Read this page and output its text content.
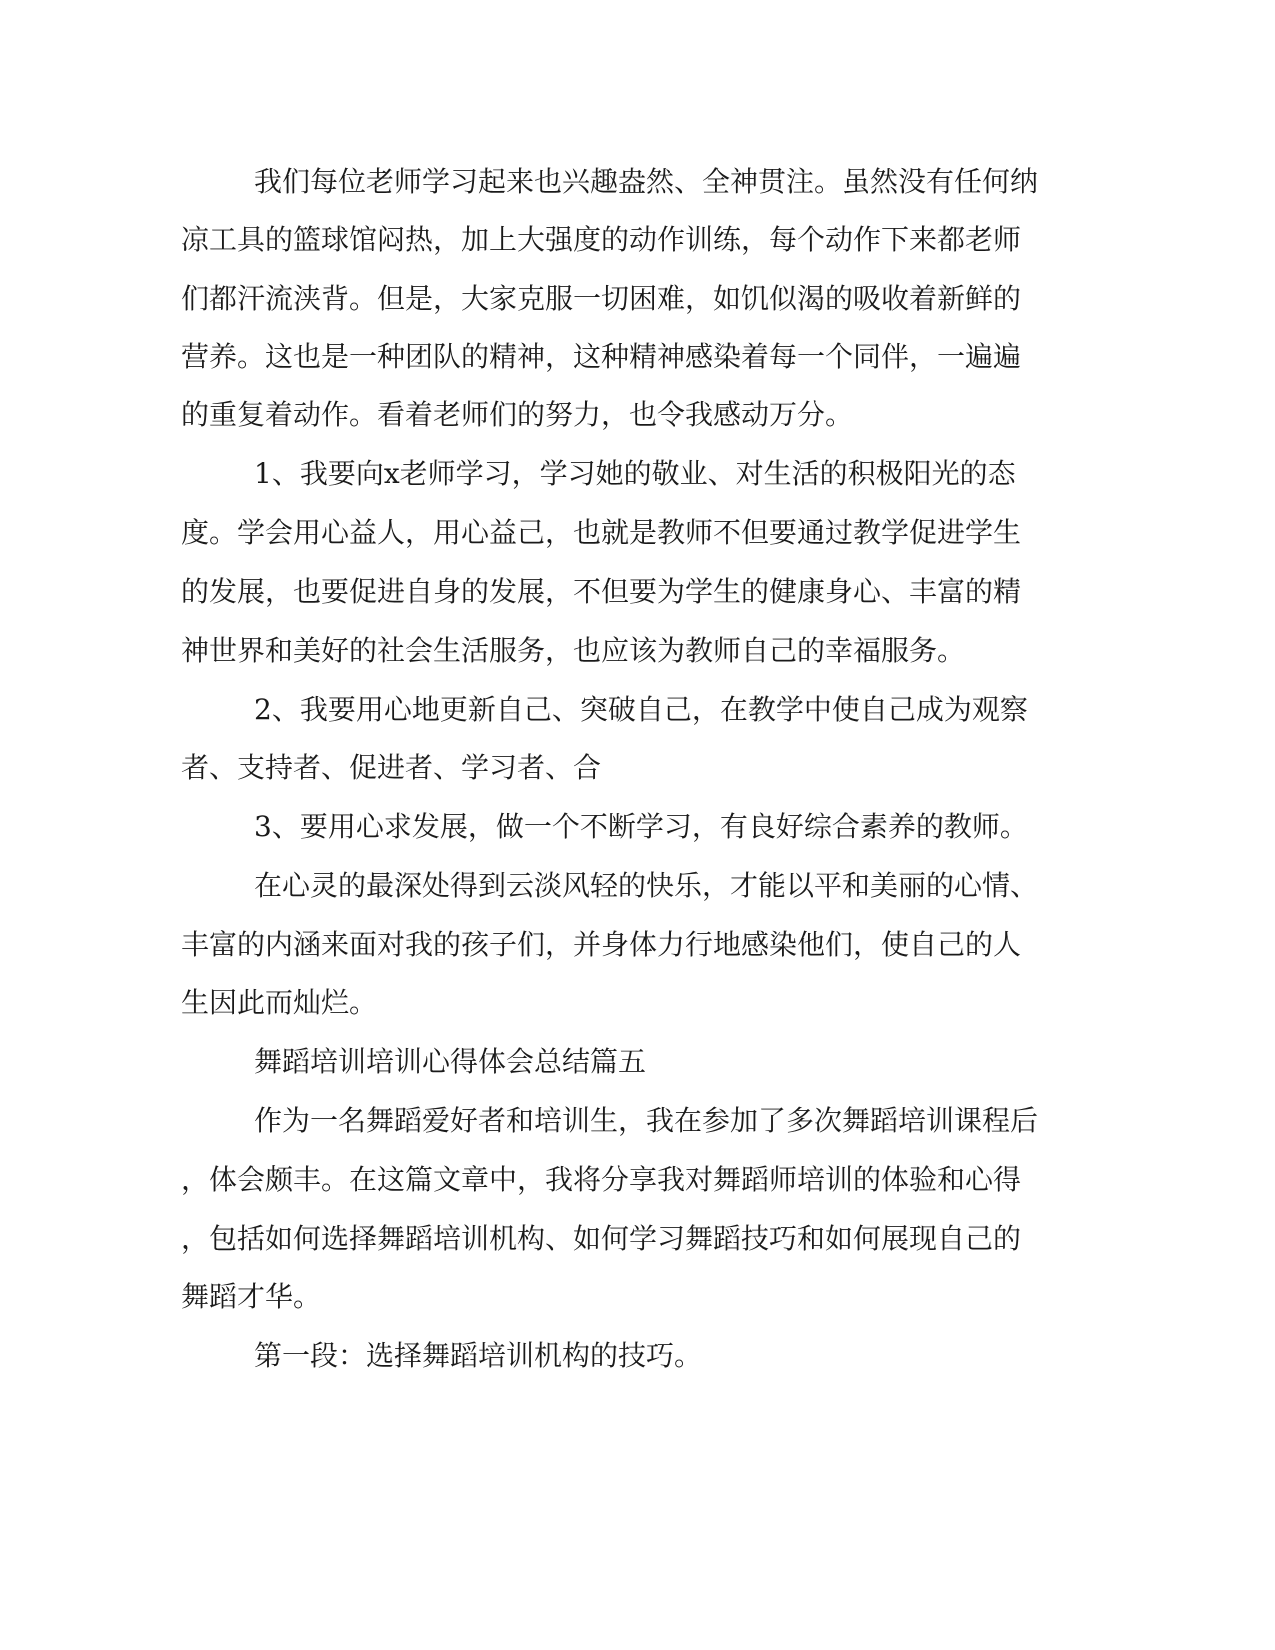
我们每位老师学习起来也兴趣盎然、全神贯注。虽然没有任何纳
凉工具的篮球馆闷热，加上大强度的动作训练，每个动作下来都老师
们都汗流浃背。但是，大家克服一切困难，如饥似渴的吸收着新鲜的
营养。这也是一种团队的精神，这种精神感染着每一个同伴，一遍遍
的重复着动作。看着老师们的努力，也令我感动万分。
1、我要向x老师学习，学习她的敬业、对生活的积极阳光的态
度。学会用心益人，用心益己，也就是教师不但要通过教学促进学生
的发展，也要促进自身的发展，不但要为学生的健康身心、丰富的精
神世界和美好的社会生活服务，也应该为教师自己的幸福服务。
2、我要用心地更新自己、突破自己，在教学中使自己成为观察
者、支持者、促进者、学习者、合
3、要用心求发展，做一个不断学习，有良好综合素养的教师。
在心灵的最深处得到云淡风轻的快乐，才能以平和美丽的心情、
丰富的内涵来面对我的孩子们，并身体力行地感染他们，使自己的人
生因此而灿烂。
舞蹈培训培训心得体会总结篇五
作为一名舞蹈爱好者和培训生，我在参加了多次舞蹈培训课程后
，体会颇丰。在这篇文章中，我将分享我对舞蹈师培训的体验和心得
，包括如何选择舞蹈培训机构、如何学习舞蹈技巧和如何展现自己的
舞蹈才华。
第一段：选择舞蹈培训机构的技巧。
